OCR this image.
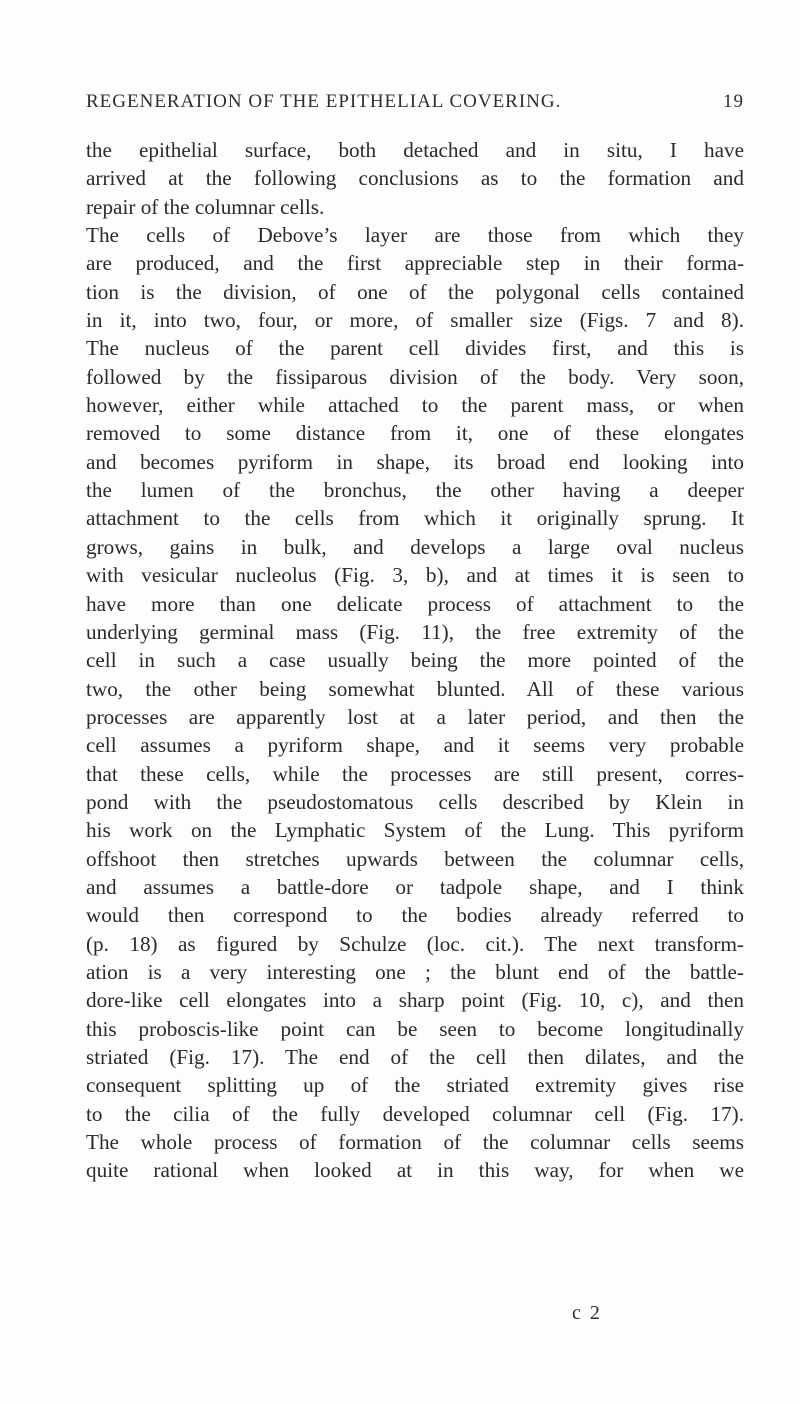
REGENERATION OF THE EPITHELIAL COVERING.	19
the epithelial surface, both detached and in situ, I have
arrived at the following conclusions as to the formation and
repair of the columnar cells.
The cells of Debove’s layer are those from which they
are produced, and the first appreciable step in their forma-
tion is the division, of one of the polygonal cells contained
in it, into two, four, or more, of smaller size (Figs. 7 and 8).
The nucleus of the parent cell divides first, and this is
followed by the fissiparous division of the body. Very soon,
however, either while attached to the parent mass, or when
removed to some distance from it, one of these elongates
and becomes pyriform in shape, its broad end looking into
the lumen of the bronchus, the other having a deeper
attachment to the cells from which it originally sprung. It
grows, gains in bulk, and develops a large oval nucleus
with vesicular nucleolus (Fig. 3, b), and at times it is seen to
have more than one delicate process of attachment to the
underlying germinal mass (Fig. 11), the free extremity of the
cell in such a case usually being the more pointed of the
two, the other being somewhat blunted. All of these various
processes are apparently lost at a later period, and then the
cell assumes a pyriform shape, and it seems very probable
that these cells, while the processes are still present, corres-
pond with the pseudostomatous cells described by Klein in
his work on the Lymphatic System of the Lung. This pyriform
offshoot then stretches upwards between the columnar cells,
and assumes a battle-dore or tadpole shape, and I think
would then correspond to the bodies already referred to
(p. 18) as figured by Schulze (loc. cit.). The next transform-
ation is a very interesting one ; the blunt end of the battle-
dore-like cell elongates into a sharp point (Fig. 10, c), and then
this proboscis-like point can be seen to become longitudinally
striated (Fig. 17). The end of the cell then dilates, and the
consequent splitting up of the striated extremity gives rise
to the cilia of the fully developed columnar cell (Fig. 17).
The whole process of formation of the columnar cells seems
quite rational when looked at in this way, for when we
c 2
